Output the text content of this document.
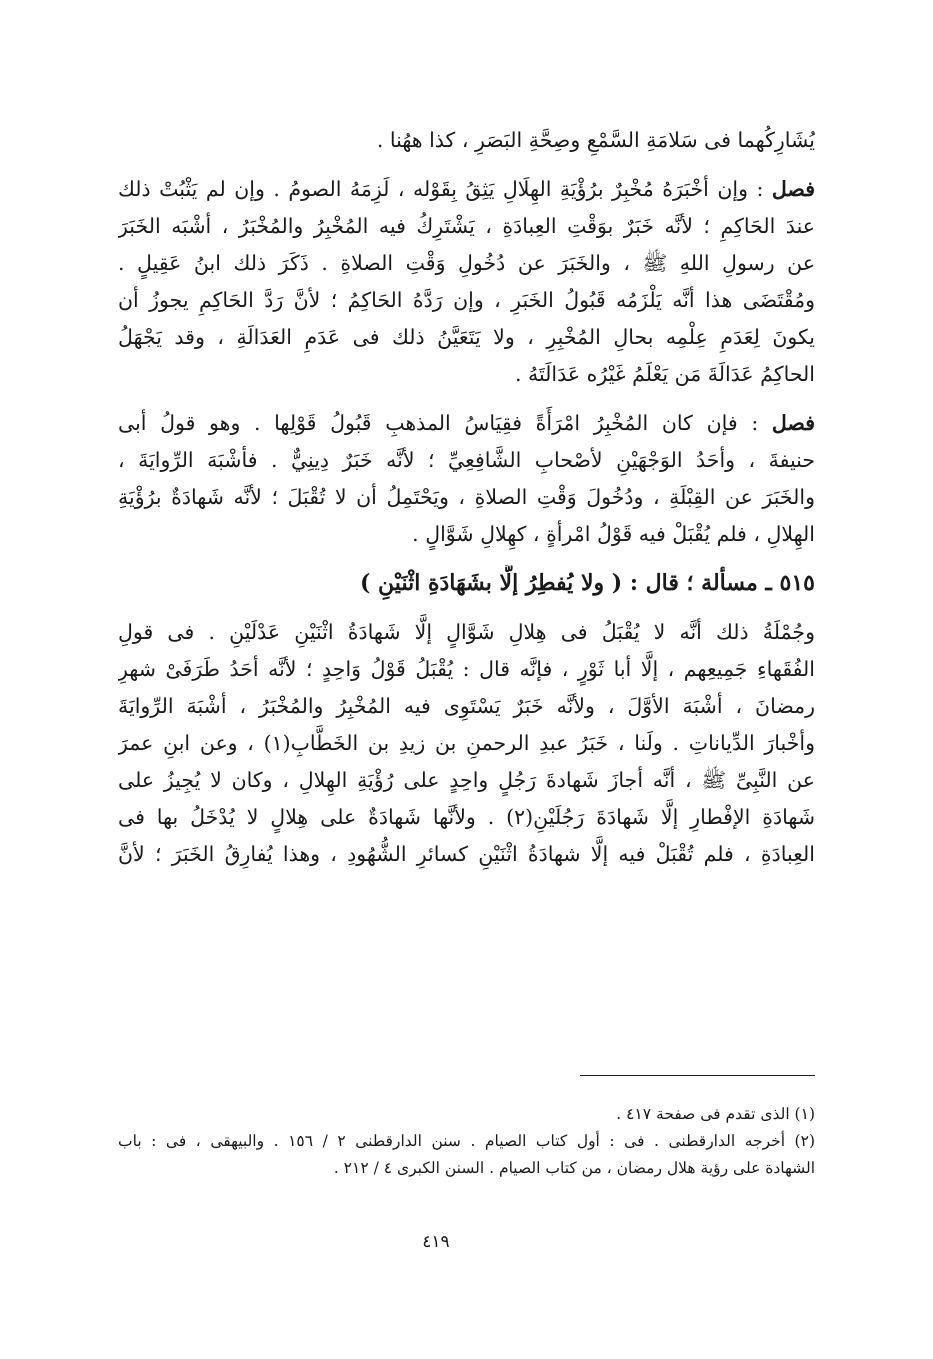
يُشَارِكُهما فى سَلامَةِ السَّمْعِ وصِحَّةِ البَصَرِ ، كذا ههُنا .
فصل : وإن أخْبَرَهُ مُخْبِرٌ برُؤْيَةِ الهِلَالِ يَثِقُ بِقَوْله ، لَزِمَهُ الصومُ . وإن لم يَثْبُتْ ذلك
عندَ الحَاكِمِ ؛ لأنَّه خَبَرٌ بوَقْتِ العِبادَةِ ، يَشْتَرِكُ فيه المُخْبِرُ والمُخْبَرُ ، أشْبَه الخَبَرَ
عن رسولِ اللهِ ﷺ ، والخَبَرَ عن دُخُولِ وَقْتِ الصلاةِ . ذَكَرَ ذلك ابنُ عَقِيلٍ .
ومُقْتَضَى هذا أنَّه يَلْزَمُه قَبُولُ الخَبَرِ ، وإن رَدَّهُ الحَاكِمُ ؛ لأنَّ رَدَّ الحَاكِمِ يجوزُ أن
يكونَ لِعَدَمِ عِلْمِه بحالِ المُخْبِرِ ، ولا يَتَعَيَّنُ ذلك فى عَدَمِ العَدَالَةِ ، وقد يَجْهَلُ
الحاكِمُ عَدَالَةَ مَن يَعْلَمُ غَيْرُه عَدَالَتَهُ .
فصل : فإن كان المُخْبِرُ امْرَأَةً فقِيَاسُ المذهبِ قَبُولُ قَوْلِها . وهو قولُ أبى
حنيفةَ ، وأحَدُ الوَجْهَيْنِ لأصْحابِ الشَّافِعِيِّ ؛ لأنَّه خَبَرٌ دِينِيٌّ . فأشْبَهَ الرِّوايَةَ ،
والخَبَرَ عن القِبْلَةِ ، ودُخُولَ وَقْتِ الصلاةِ ، ويَحْتَمِلُ أن لا تُقْبَلَ ؛ لأنَّه شَهادَةٌ برُؤْيَةِ
الهِلالِ ، فلم يُقْبَلْ فيه قَوْلُ امْرأةٍ ، كهِلالِ شَوَّالٍ .
٥١٥ ـ مسألة ؛ قال : ( ولا يُفطِرُ إلَّا بشَهَادَةِ اثْنَيْنِ )
وجُمْلَةُ ذلك أنَّه لا يُقْبَلُ فى هِلالِ شَوَّالٍ إلَّا شَهادَةُ اثْنَيْنِ عَدْلَيْنِ . فى قولِ
الفُقَهاءِ جَمِيعِهم ، إلَّا أبا ثَوْرٍ ، فإنَّه قال : يُقْبَلُ قَوْلُ وَاحِدٍ ؛ لأنَّه أحَدُ طَرَفَىْ شهرِ
رمضانَ ، أشْبَهَ الأوَّلَ ، ولأنَّه خَبَرٌ يَسْتَوِى فيه المُخْبِرُ والمُخْبَرُ ، أشْبَهَ الرِّوايَةَ
وأخْبارَ الدِّياناتِ . ولَنا ، خَبَرُ عبدِ الرحمنِ بن زيدِ بن الخَطَّابِ(١) ، وعن ابنِ عمرَ
عن النَّبِىِّ ﷺ ، أنَّه أجازَ شَهادةَ رَجُلٍ واحِدٍ على رُؤْيَةِ الهِلالِ ، وكان لا يُجِيزُ على
شَهادَةِ الإفْطارِ إلَّا شَهادَةَ رَجُلَيْنِ(٢) . ولأنَّها شَهادَةٌ على هِلالٍ لا يُدْخَلُ بها فى
العِبادَةِ ، فلم تُقْبَلْ فيه إلَّا شهادَةُ اثْنَيْنِ كسائرِ الشُّهُودِ ، وهذا يُفارِقُ الخَبَرَ ؛ لأنَّ
(١) الذى تقدم فى صفحة ٤١٧ .
(٢) أخرجه الدارقطنى . فى : أول كتاب الصيام . سنن الدارقطنى ٢ / ١٥٦ . والبيهقى ، فى : باب
الشهادة على رؤية هلال رمضان ، من كتاب الصيام . السنن الكبرى ٤ / ٢١٢ .
٤١٩
